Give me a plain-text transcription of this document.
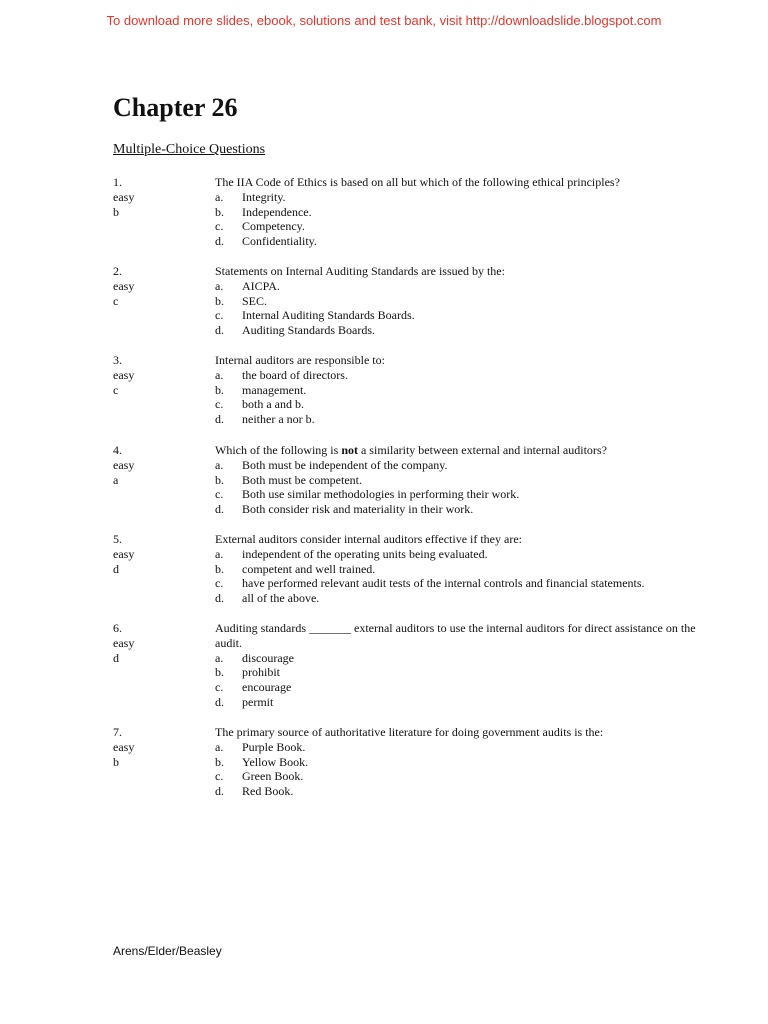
To download more slides, ebook, solutions and test bank, visit http://downloadslide.blogspot.com
Chapter 26
Multiple-Choice Questions
1.
easy
b
The IIA Code of Ethics is based on all but which of the following ethical principles?
a.	Integrity.
b.	Independence.
c.	Competency.
d.	Confidentiality.
2.
easy
c
Statements on Internal Auditing Standards are issued by the:
a.	AICPA.
b.	SEC.
c.	Internal Auditing Standards Boards.
d.	Auditing Standards Boards.
3.
easy
c
Internal auditors are responsible to:
a.	the board of directors.
b.	management.
c.	both a and b.
d.	neither a nor b.
4.
easy
a
Which of the following is not a similarity between external and internal auditors?
a.	Both must be independent of the company.
b.	Both must be competent.
c.	Both use similar methodologies in performing their work.
d.	Both consider risk and materiality in their work.
5.
easy
d
External auditors consider internal auditors effective if they are:
a.	independent of the operating units being evaluated.
b.	competent and well trained.
c.	have performed relevant audit tests of the internal controls and financial statements.
d.	all of the above.
6.
easy
d
Auditing standards _______ external auditors to use the internal auditors for direct assistance on the audit.
a.	discourage
b.	prohibit
c.	encourage
d.	permit
7.
easy
b
The primary source of authoritative literature for doing government audits is the:
a.	Purple Book.
b.	Yellow Book.
c.	Green Book.
d.	Red Book.
Arens/Elder/Beasley
